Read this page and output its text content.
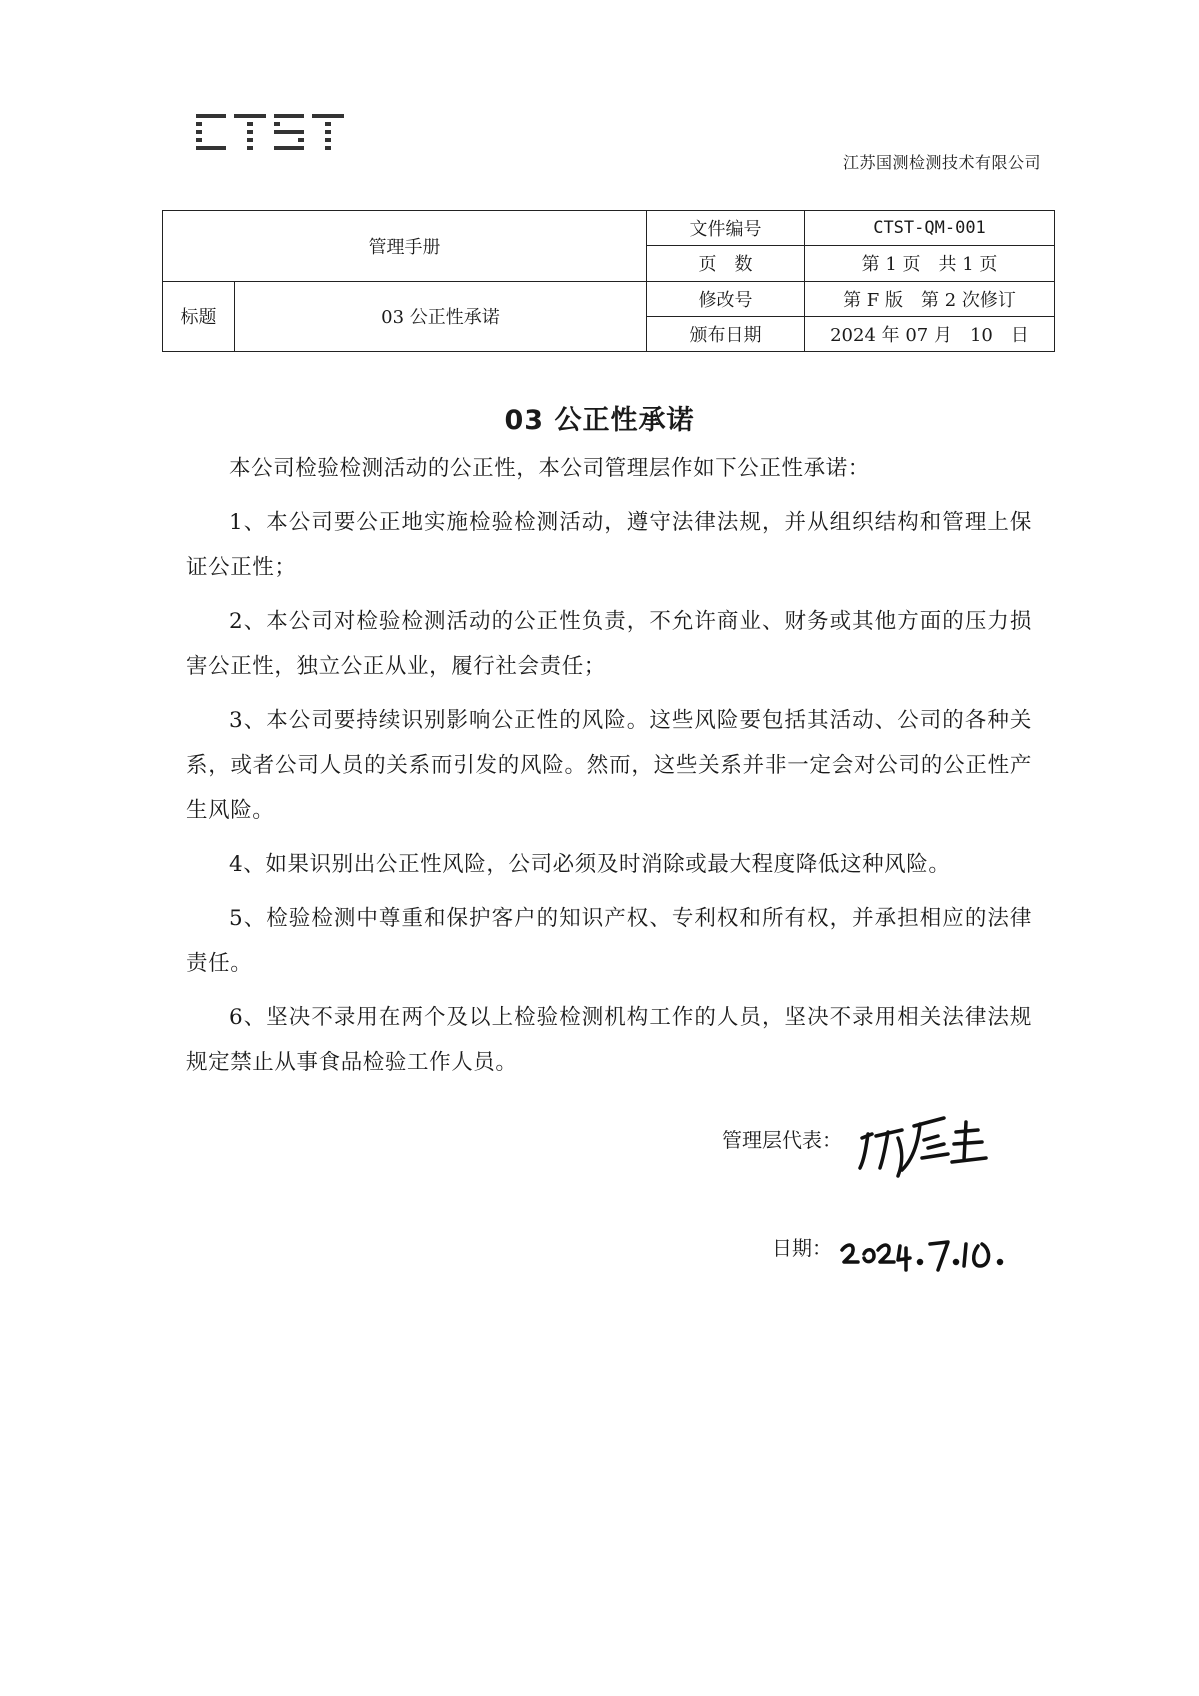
江苏国测检测技术有限公司
管理手册		文件编号	CTST-QM-001
		页　数	第 1 页　共 1 页
标题	03 公正性承诺	修改号	第 F 版　第 2 次修订
		颁布日期	2024 年 07 月　10　日
03 公正性承诺

本公司检验检测活动的公正性，本公司管理层作如下公正性承诺：

1、本公司要公正地实施检验检测活动，遵守法律法规，并从组织结构和管理上保证公正性；

2、本公司对检验检测活动的公正性负责，不允许商业、财务或其他方面的压力损害公正性，独立公正从业，履行社会责任；

3、本公司要持续识别影响公正性的风险。这些风险要包括其活动、公司的各种关系，或者公司人员的关系而引发的风险。然而，这些关系并非一定会对公司的公正性产生风险。

4、如果识别出公正性风险，公司必须及时消除或最大程度降低这种风险。

5、检验检测中尊重和保护客户的知识产权、专利权和所有权，并承担相应的法律责任。

6、坚决不录用在两个及以上检验检测机构工作的人员，坚决不录用相关法律法规规定禁止从事食品检验工作人员。

管理层代表：
日期：
